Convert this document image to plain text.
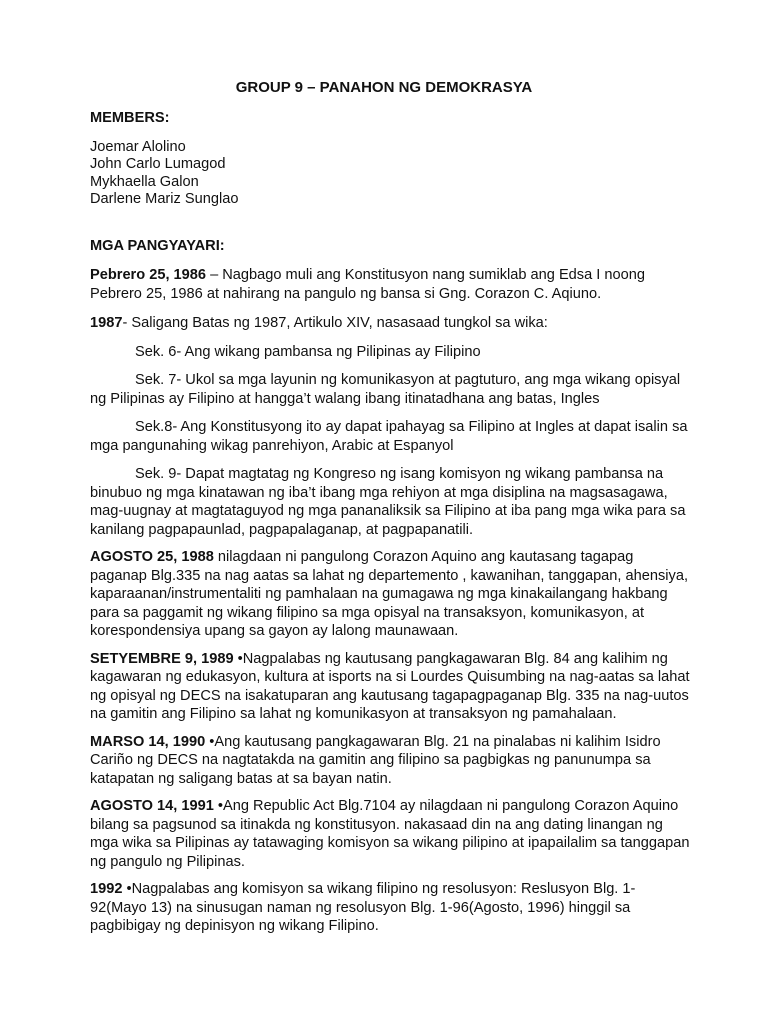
GROUP 9 – PANAHON NG DEMOKRASYA

MEMBERS:

Joemar Alolino

John Carlo Lumagod

Mykhaella Galon

Darlene Mariz Sunglao

MGA PANGYAYARI:

Pebrero 25, 1986 – Nagbago muli ang Konstitusyon nang sumiklab ang Edsa I noong Pebrero 25, 1986 at nahirang na pangulo ng bansa si Gng. Corazon C. Aqiuno.

1987- Saligang Batas ng 1987, Artikulo XIV, nasasaad tungkol sa wika:

Sek. 6- Ang wikang pambansa ng Pilipinas ay Filipino

Sek. 7- Ukol sa mga layunin ng komunikasyon at pagtuturo, ang mga wikang opisyal ng Pilipinas ay Filipino at hangga’t walang ibang itinatadhana ang batas, Ingles

Sek.8- Ang Konstitusyong ito ay dapat ipahayag sa Filipino at Ingles at dapat isalin sa mga pangunahing wikag panrehiyon, Arabic at Espanyol

Sek. 9- Dapat magtatag ng Kongreso ng isang komisyon ng wikang pambansa na binubuo ng mga kinatawan ng iba’t ibang mga rehiyon at mga disiplina na magsasagawa, mag-uugnay at magtataguyod ng mga pananaliksik sa Filipino at iba pang mga wika para sa kanilang pagpapaunlad, pagpapalaganap, at pagpapanatili.

AGOSTO 25, 1988 nilagdaan ni pangulong Corazon Aquino ang kautasang tagapag paganap Blg.335 na nag aatas sa lahat ng departemento , kawanihan, tanggapan, ahensiya, kaparaanan/instrumentaliti ng pamhalaan na gumagawa ng mga kinakailangang hakbang para sa paggamit ng wikang filipino sa mga opisyal na transaksyon, komunikasyon, at korespondensiya upang sa gayon ay lalong maunawaan.

SETYEMBRE 9, 1989 •Nagpalabas ng kautusang pangkagawaran Blg. 84 ang kalihim ng kagawaran ng edukasyon, kultura at isports na si Lourdes Quisumbing na nag-aatas sa lahat ng opisyal ng DECS na isakatuparan ang kautusang tagapagpaganap Blg. 335 na nag-uutos na gamitin ang Filipino sa lahat ng komunikasyon at transaksyon ng pamahalaan.

MARSO 14, 1990 •Ang kautusang pangkagawaran Blg. 21 na pinalabas ni kalihim Isidro Cariño ng DECS na nagtatakda na gamitin ang filipino sa pagbigkas ng panunumpa sa katapatan ng saligang batas at sa bayan natin.

AGOSTO 14, 1991 •Ang Republic Act Blg.7104 ay nilagdaan ni pangulong Corazon Aquino bilang sa pagsunod sa itinakda ng konstitusyon. nakasaad din na ang dating linangan ng mga wika sa Pilipinas ay tatawaging komisyon sa wikang pilipino at ipapailalim sa tanggapan ng pangulo ng Pilipinas.

1992 •Nagpalabas ang komisyon sa wikang filipino ng resolusyon: Reslusyon Blg. 1-92(Mayo 13) na sinusugan naman ng resolusyon Blg. 1-96(Agosto, 1996) hinggil sa pagbibigay ng depinisyon ng wikang Filipino.
